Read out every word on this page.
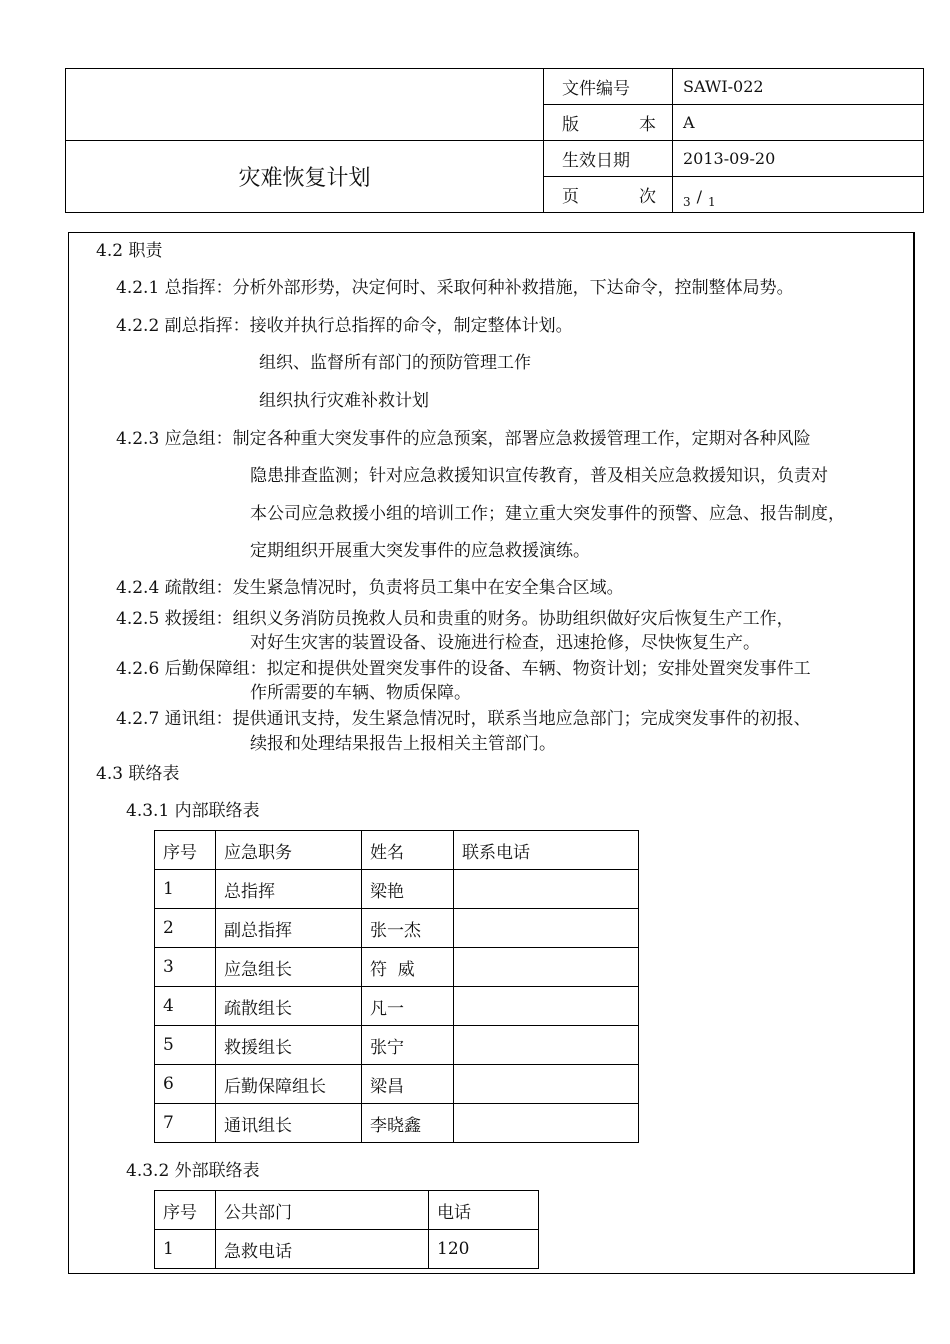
	文件编号	SAWI-022

	版 本	A
灾难恢复计划	生效日期	2013-09-20

	页 次	$_{3 / 1}$
4.2 职责
4.2.1 总指挥：分析外部形势，决定何时、采取何种补救措施，下达命令，控制整体局势。
4.2.2 副总指挥：接收并执行总指挥的命令，制定整体计划。
组织、监督所有部门的预防管理工作
组织执行灾难补救计划
4.2.3 应急组：制定各种重大突发事件的应急预案，部署应急救援管理工作，定期对各种风险
隐患排查监测；针对应急救援知识宣传教育，普及相关应急救援知识，负责对
本公司应急救援小组的培训工作；建立重大突发事件的预警、应急、报告制度，
定期组织开展重大突发事件的应急救援演练。
4.2.4 疏散组：发生紧急情况时，负责将员工集中在安全集合区域。
4.2.5 救援组：组织义务消防员挽救人员和贵重的财务。协助组织做好灾后恢复生产工作，
对好生灾害的装置设备、设施进行检查，迅速抢修，尽快恢复生产。
4.2.6 后勤保障组：拟定和提供处置突发事件的设备、车辆、物资计划；安排处置突发事件工
作所需要的车辆、物质保障。
4.2.7 通讯组：提供通讯支持，发生紧急情况时，联系当地应急部门；完成突发事件的初报、
续报和处理结果报告上报相关主管部门。
4.3 联络表
4.3.1 内部联络表
序号	应急职务	姓名	联系电话
1	总指挥	梁艳	
2	副总指挥	张一杰	
3	应急组长	符  威	
4	疏散组长	凡一	
5	救援组长	张宁	
6	后勤保障组长	梁昌	
7	通讯组长	李晓鑫	
4.3.2 外部联络表
序号	公共部门	电话
1	急救电话	120
